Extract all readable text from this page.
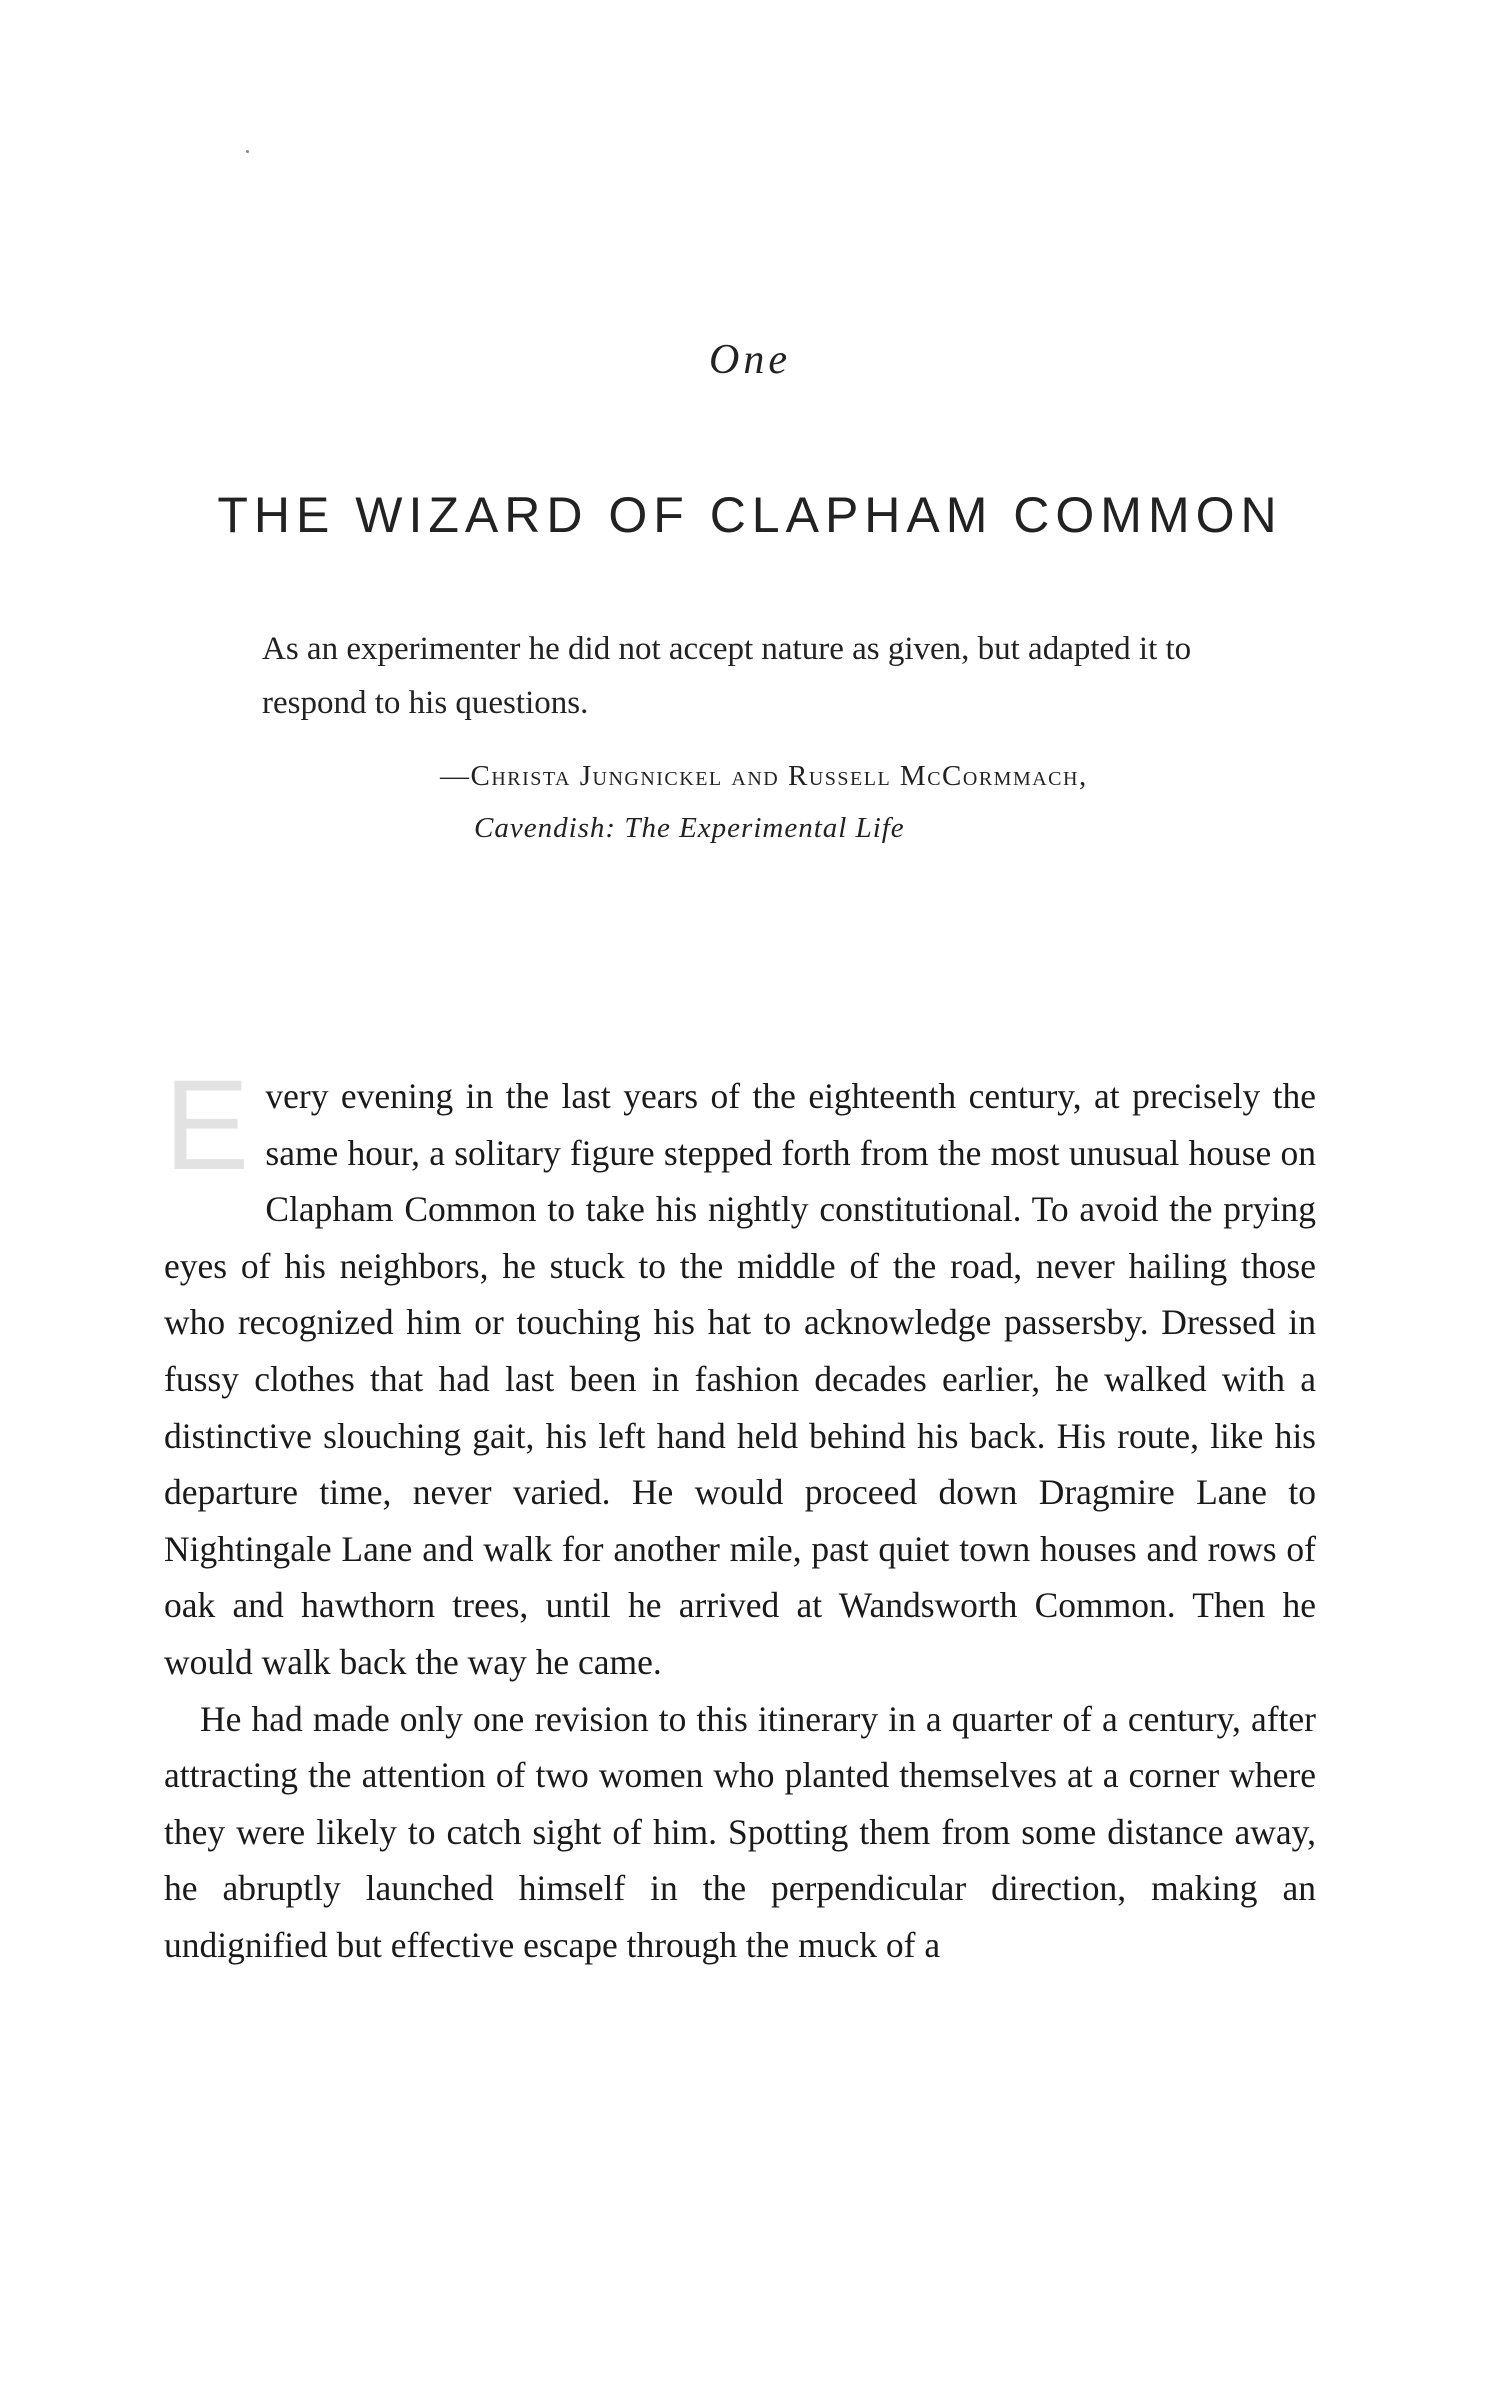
One
THE WIZARD OF CLAPHAM COMMON
As an experimenter he did not accept nature as given, but adapted it to respond to his questions.
—Christa Jungnickel and Russell McCormmach,
Cavendish: The Experimental Life

Every evening in the last years of the eighteenth century, at precisely the same hour, a solitary figure stepped forth from the most unusual house on Clapham Common to take his nightly constitutional. To avoid the prying eyes of his neighbors, he stuck to the middle of the road, never hailing those who recognized him or touching his hat to acknowledge passersby. Dressed in fussy clothes that had last been in fashion decades earlier, he walked with a distinctive slouching gait, his left hand held behind his back. His route, like his departure time, never varied. He would proceed down Dragmire Lane to Nightingale Lane and walk for another mile, past quiet town houses and rows of oak and hawthorn trees, until he arrived at Wandsworth Common. Then he would walk back the way he came.

He had made only one revision to this itinerary in a quarter of a century, after attracting the attention of two women who planted themselves at a corner where they were likely to catch sight of him. Spotting them from some distance away, he abruptly launched himself in the perpendicular direction, making an undignified but effective escape through the muck of a
